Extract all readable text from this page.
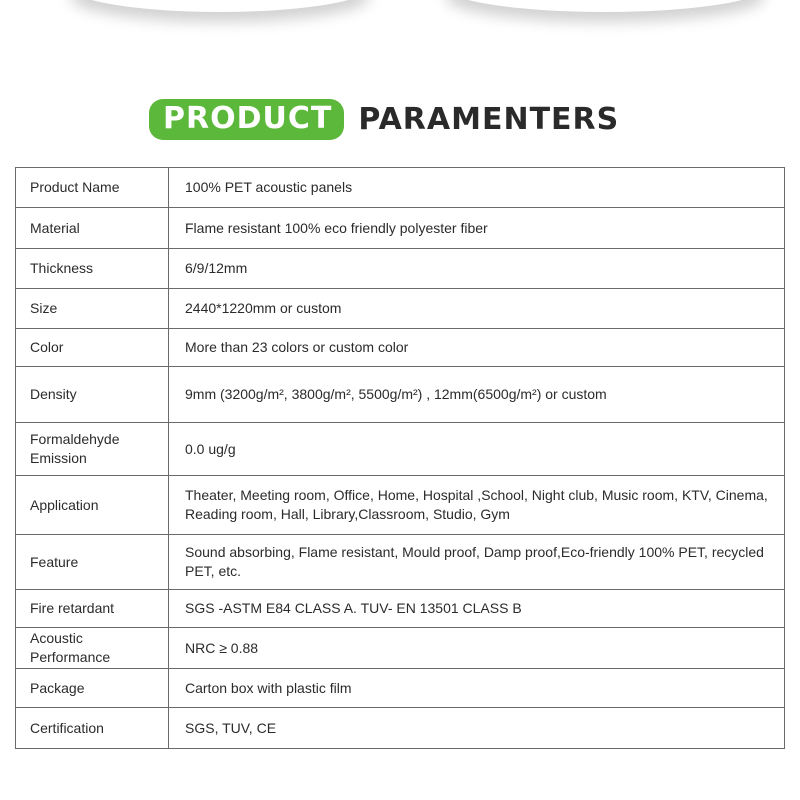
PRODUCT PARAMENTERS
Product Name	100% PET acoustic panels
Material	Flame resistant 100% eco friendly polyester fiber
Thickness	6/9/12mm
Size	2440*1220mm or custom
Color	More than 23 colors or custom color
Density	9mm (3200g/m², 3800g/m², 5500g/m²) , 12mm(6500g/m²) or custom
Formaldehyde Emission	0.0 ug/g
Application	Theater, Meeting room, Office, Home, Hospital ,School, Night club, Music room, KTV, Cinema, Reading room, Hall, Library,Classroom, Studio, Gym
Feature	Sound absorbing, Flame resistant, Mould proof, Damp proof,Eco-friendly 100% PET, recycled PET, etc.
Fire retardant	SGS -ASTM E84 CLASS A. TUV- EN 13501 CLASS B
Acoustic Performance	NRC ≥ 0.88
Package	Carton box with plastic film
Certification	SGS, TUV, CE
